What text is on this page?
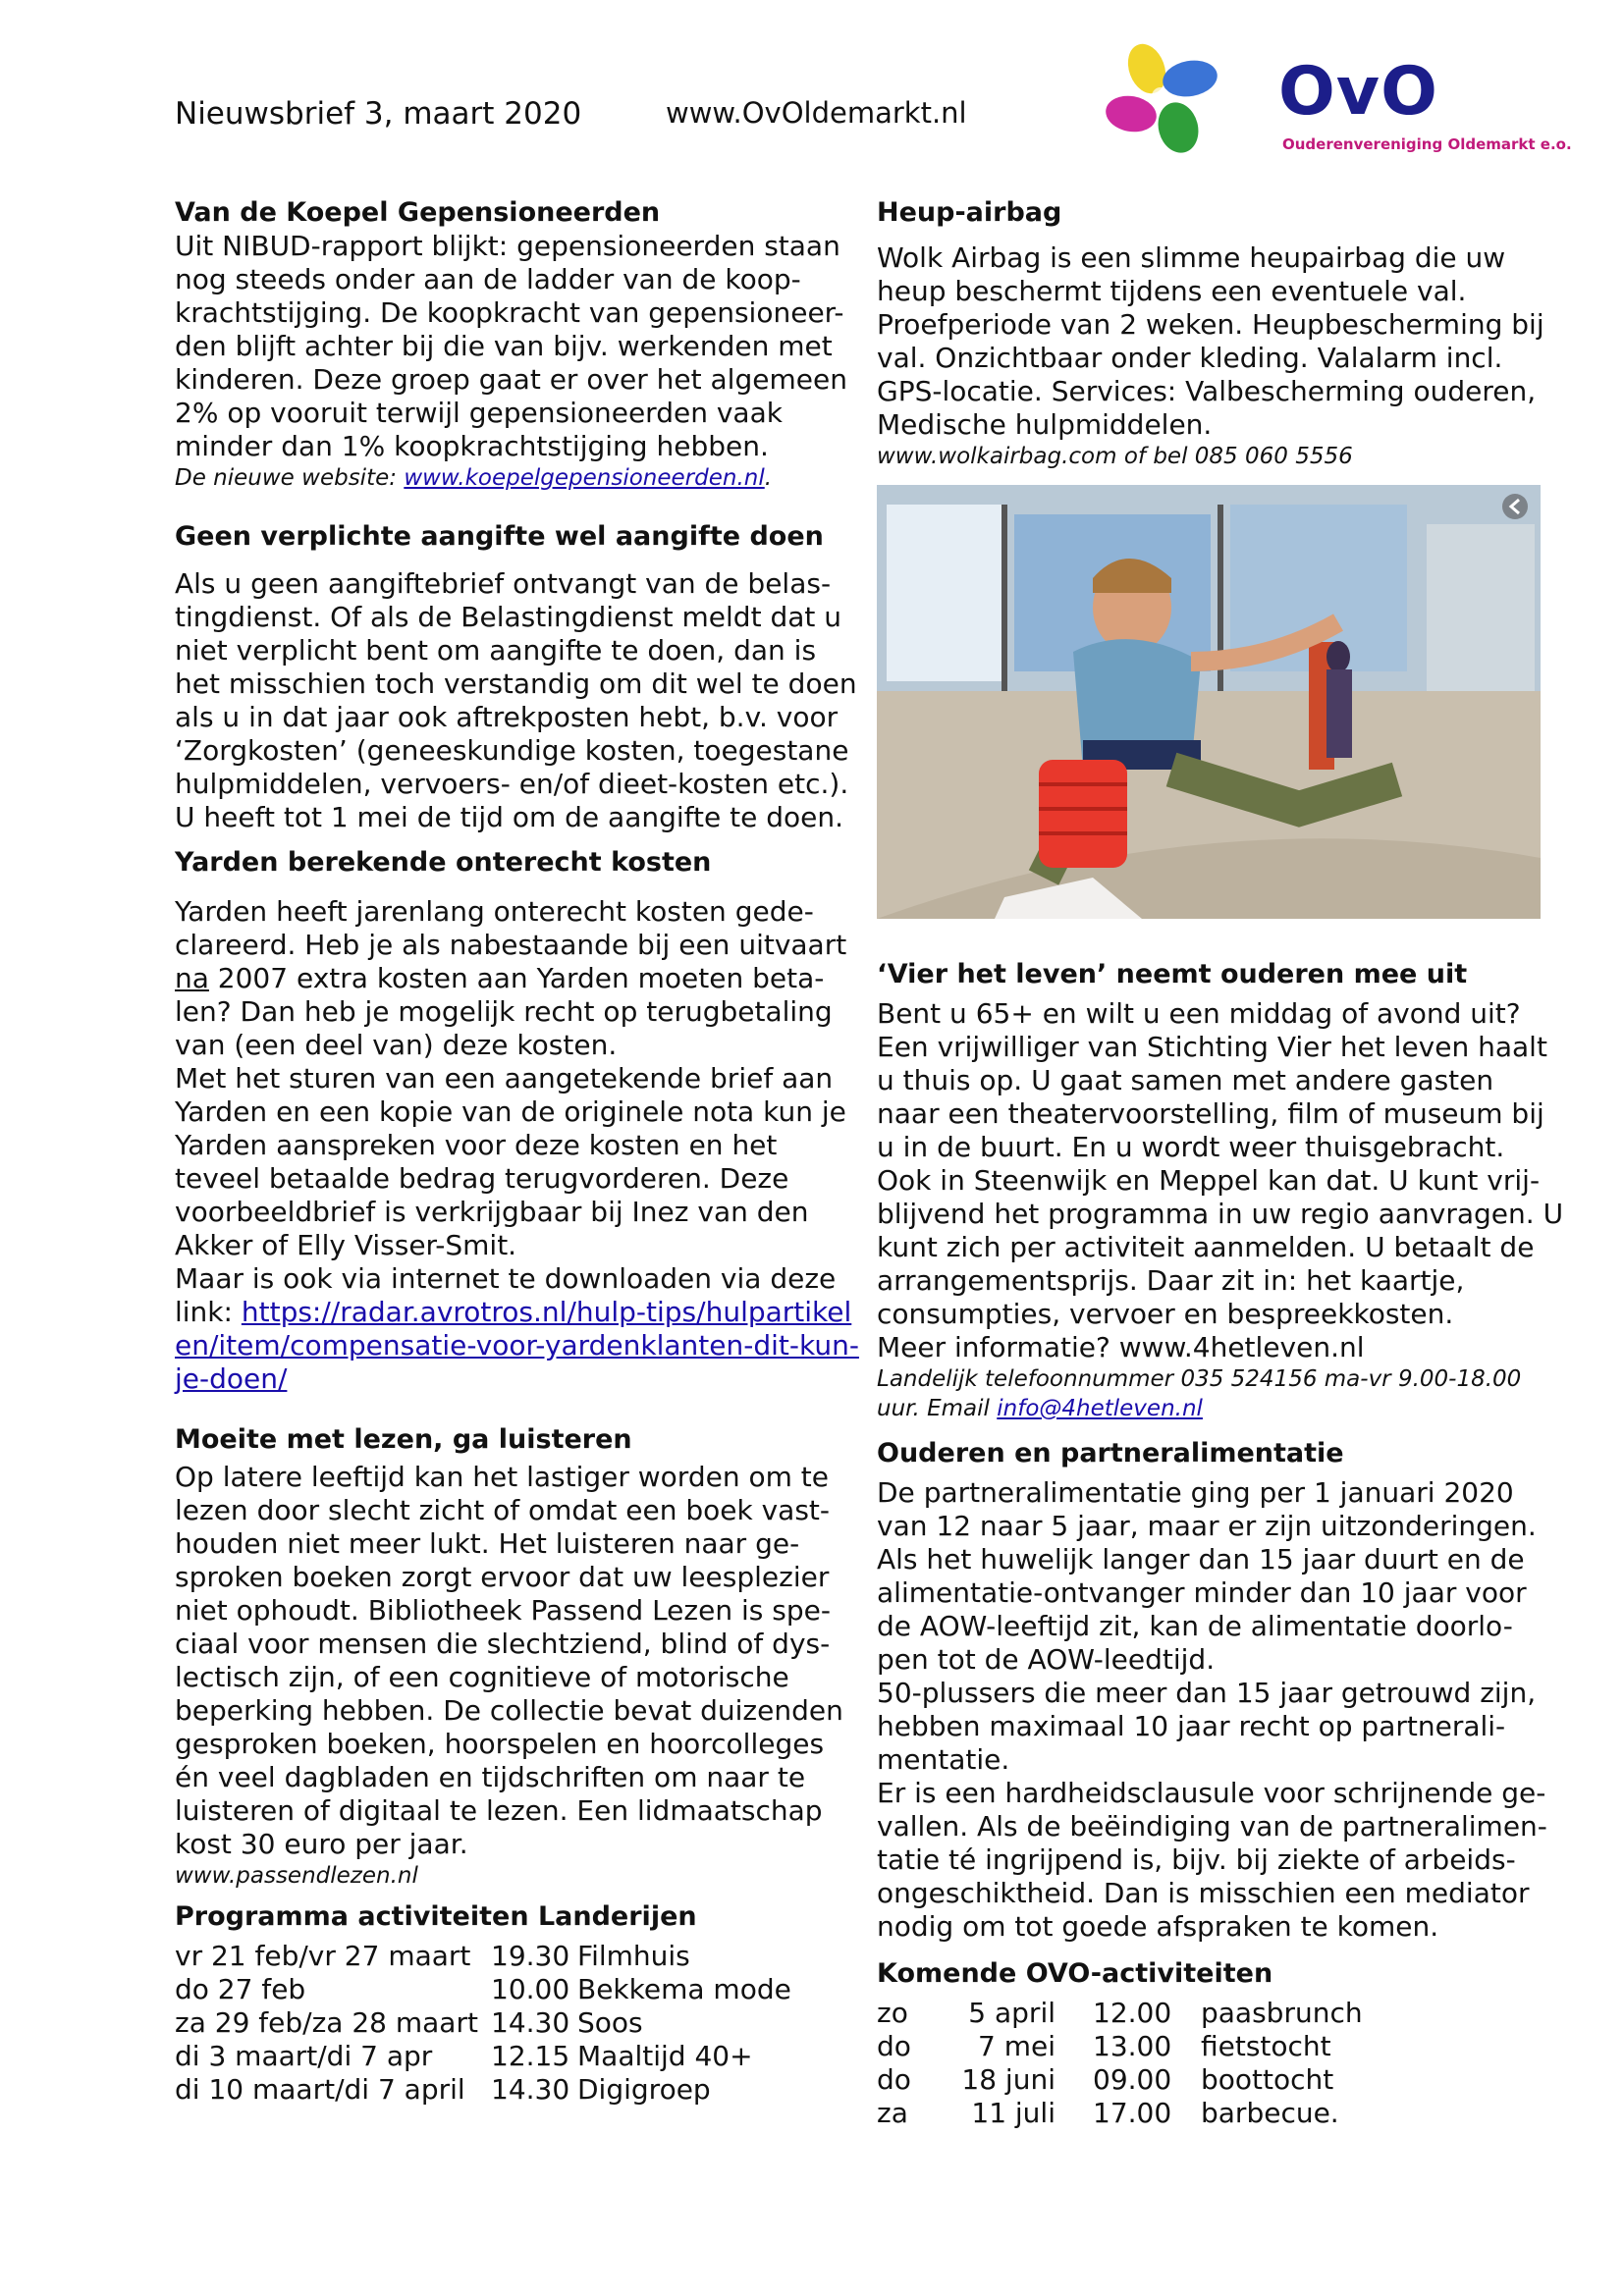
Nieuwsbrief 3, maart 2020	www.OvOldemarkt.nl	OvO
Ouderenvereniging Oldemarkt e.o.
Van de Koepel Gepensioneerden

Uit NIBUD-rapport blijkt: gepensioneerden staan nog steeds onder aan de ladder van de koop-krachtstijging. De koopkracht van gepensioneer-den blijft achter bij die van bijv. werkenden met kinderen. Deze groep gaat er over het algemeen 2% op vooruit terwijl gepensioneerden vaak minder dan 1% koopkrachtstijging hebben.

De nieuwe website: www.koepelgepensioneerden.nl.
Geen verplichte aangifte wel aangifte doen

Als u geen aangiftebrief ontvangt van de belas-tingdienst. Of als de Belastingdienst meldt dat u niet verplicht bent om aangifte te doen, dan is het misschien toch verstandig om dit wel te doen als u in dat jaar ook aftrekposten hebt, b.v. voor ‘Zorgkosten’ (geneeskundige kosten, toegestane hulpmiddelen, vervoers- en/of dieet-kosten etc.). U heeft tot 1 mei de tijd om de aangifte te doen.

Yarden berekende onterecht kosten

Yarden heeft jarenlang onterecht kosten gede-clareerd. Heb je als nabestaande bij een uitvaart na 2007 extra kosten aan Yarden moeten beta-len? Dan heb je mogelijk recht op terugbetaling van (een deel van) deze kosten.

Met het sturen van een aangetekende brief aan Yarden en een kopie van de originele nota kun je Yarden aanspreken voor deze kosten en het teveel betaalde bedrag terugvorderen. Deze voorbeeldbrief is verkrijgbaar bij Inez van den Akker of Elly Visser-Smit.

Maar is ook via internet te downloaden via deze link: https://radar.avrotros.nl/hulp-tips/hulpartikelen/item/compensatie-voor-yardenklanten-dit-kun-je-doen/

Moeite met lezen, ga luisteren

Op latere leeftijd kan het lastiger worden om te lezen door slecht zicht of omdat een boek vast-houden niet meer lukt. Het luisteren naar ge-sproken boeken zorgt ervoor dat uw leesplezier niet ophoudt. Bibliotheek Passend Lezen is spe-ciaal voor mensen die slechtziend, blind of dys-lectisch zijn, of een cognitieve of motorische beperking hebben. De collectie bevat duizenden gesproken boeken, hoorspelen en hoorcolleges én veel dagbladen en tijdschriften om naar te luisteren of digitaal te lezen. Een lidmaatschap kost 30 euro per jaar.

www.passendlezen.nl
Programma activiteiten Landerijen
vr 21 feb/vr 27 maart	19.30	Filmhuis
do 27 feb	10.00	Bekkema mode
za 29 feb/za 28 maart	14.30	Soos
di 3 maart/di 7 apr	12.15	Maaltijd 40+
di 10 maart/di 7 april	14.30	Digigroep
Heup-airbag

Wolk Airbag is een slimme heupairbag die uw heup beschermt tijdens een eventuele val. Proefperiode van 2 weken. Heupbescherming bij val. Onzichtbaar onder kleding. Valalarm incl. GPS-locatie. Services: Valbescherming ouderen, Medische hulpmiddelen.

www.wolkairbag.com of bel 085 060 5556
‘Vier het leven’ neemt ouderen mee uit

Bent u 65+ en wilt u een middag of avond uit? Een vrijwilliger van Stichting Vier het leven haalt u thuis op. U gaat samen met andere gasten naar een theatervoorstelling, film of museum bij u in de buurt. En u wordt weer thuisgebracht. Ook in Steenwijk en Meppel kan dat. U kunt vrij-blijvend het programma in uw regio aanvragen. U kunt zich per activiteit aanmelden. U betaalt de arrangementsprijs. Daar zit in: het kaartje, consumpties, vervoer en bespreekkosten.

Meer informatie? www.4hetleven.nl

Landelijk telefoonnummer 035 524156 ma-vr 9.00-18.00 uur. Email info@4hetleven.nl
Ouderen en partneralimentatie

De partneralimentatie ging per 1 januari 2020 van 12 naar 5 jaar, maar er zijn uitzonderingen. Als het huwelijk langer dan 15 jaar duurt en de alimentatie-ontvanger minder dan 10 jaar voor de AOW-leeftijd zit, kan de alimentatie doorlo-pen tot de AOW-leedtijd.

50-plussers die meer dan 15 jaar getrouwd zijn, hebben maximaal 10 jaar recht op partnerali-mentatie.

Er is een hardheidsclausule voor schrijnende ge-vallen. Als de beëindiging van de partneralimen-tatie té ingrijpend is, bijv. bij ziekte of arbeids-ongeschiktheid. Dan is misschien een mediator nodig om tot goede afspraken te komen.

Komende OVO-activiteiten
zo	5 april	12.00	paasbrunch
do	7 mei	13.00	fietstocht
do	18 juni	09.00	boottocht
za	11 juli	17.00	barbecue.
